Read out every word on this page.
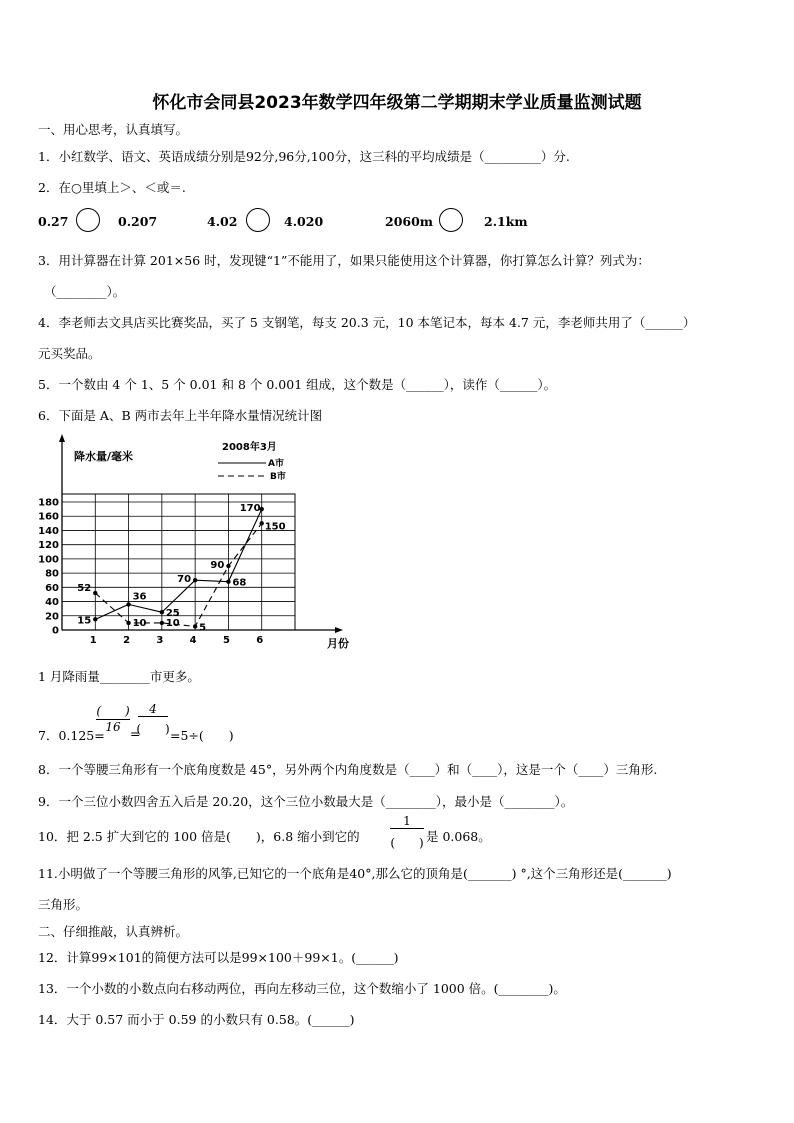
怀化市会同县2023年数学四年级第二学期期末学业质量监测试题
一、用心思考，认真填写。
1．小红数学、语文、英语成绩分别是92分,96分,100分，这三科的平均成绩是（_________）分.
2．在○里填上＞、＜或＝.
0.27	0.207	4.02	4.020	2060m	2.1km
3．用计算器在计算 201×56 时，发现键“1”不能用了，如果只能使用这个计算器，你打算怎么计算？列式为：
（________）。
4．李老师去文具店买比赛奖品，买了 5 支钢笔，每支 20.3 元，10 本笔记本，每本 4.7 元，李老师共用了（______）
元买奖品。
5．一个数由 4 个 1、5 个 0.01 和 8 个 0.001 组成，这个数是（______），读作（______）。
6．下面是 A、B 两市去年上半年降水量情况统计图
0
20
40
60
80
100
120
140
160
180
1	2	3	4	5	6
降水量/毫米
月份
2008年3月
A市
B市
15
36
25
70	68
170
52
10 10 5
90
150
1 月降雨量________市更多。
7．0.125=
(　　)
16 =
4
(　　) =5÷(　　)
8．一个等腰三角形有一个底角度数是 45°，另外两个内角度数是（____）和（____），这是一个（____）三角形.
9．一个三位小数四舍五入后是 20.20，这个三位小数最大是（________），最小是（________）。
10．把 2.5 扩大到它的 100 倍是(　　)，6.8 缩小到它的
1
(　　) 是 0.068。
11.小明做了一个等腰三角形的风筝,已知它的一个底角是40°,那么它的顶角是(_______) °,这个三角形还是(_______)
三角形。
二、仔细推敲，认真辨析。
12．计算99×101的简便方法可以是99×100＋99×1。(______)
13．一个小数的小数点向右移动两位，再向左移动三位，这个数缩小了 1000 倍。(________)。
14．大于 0.57 而小于 0.59 的小数只有 0.58。(______)
